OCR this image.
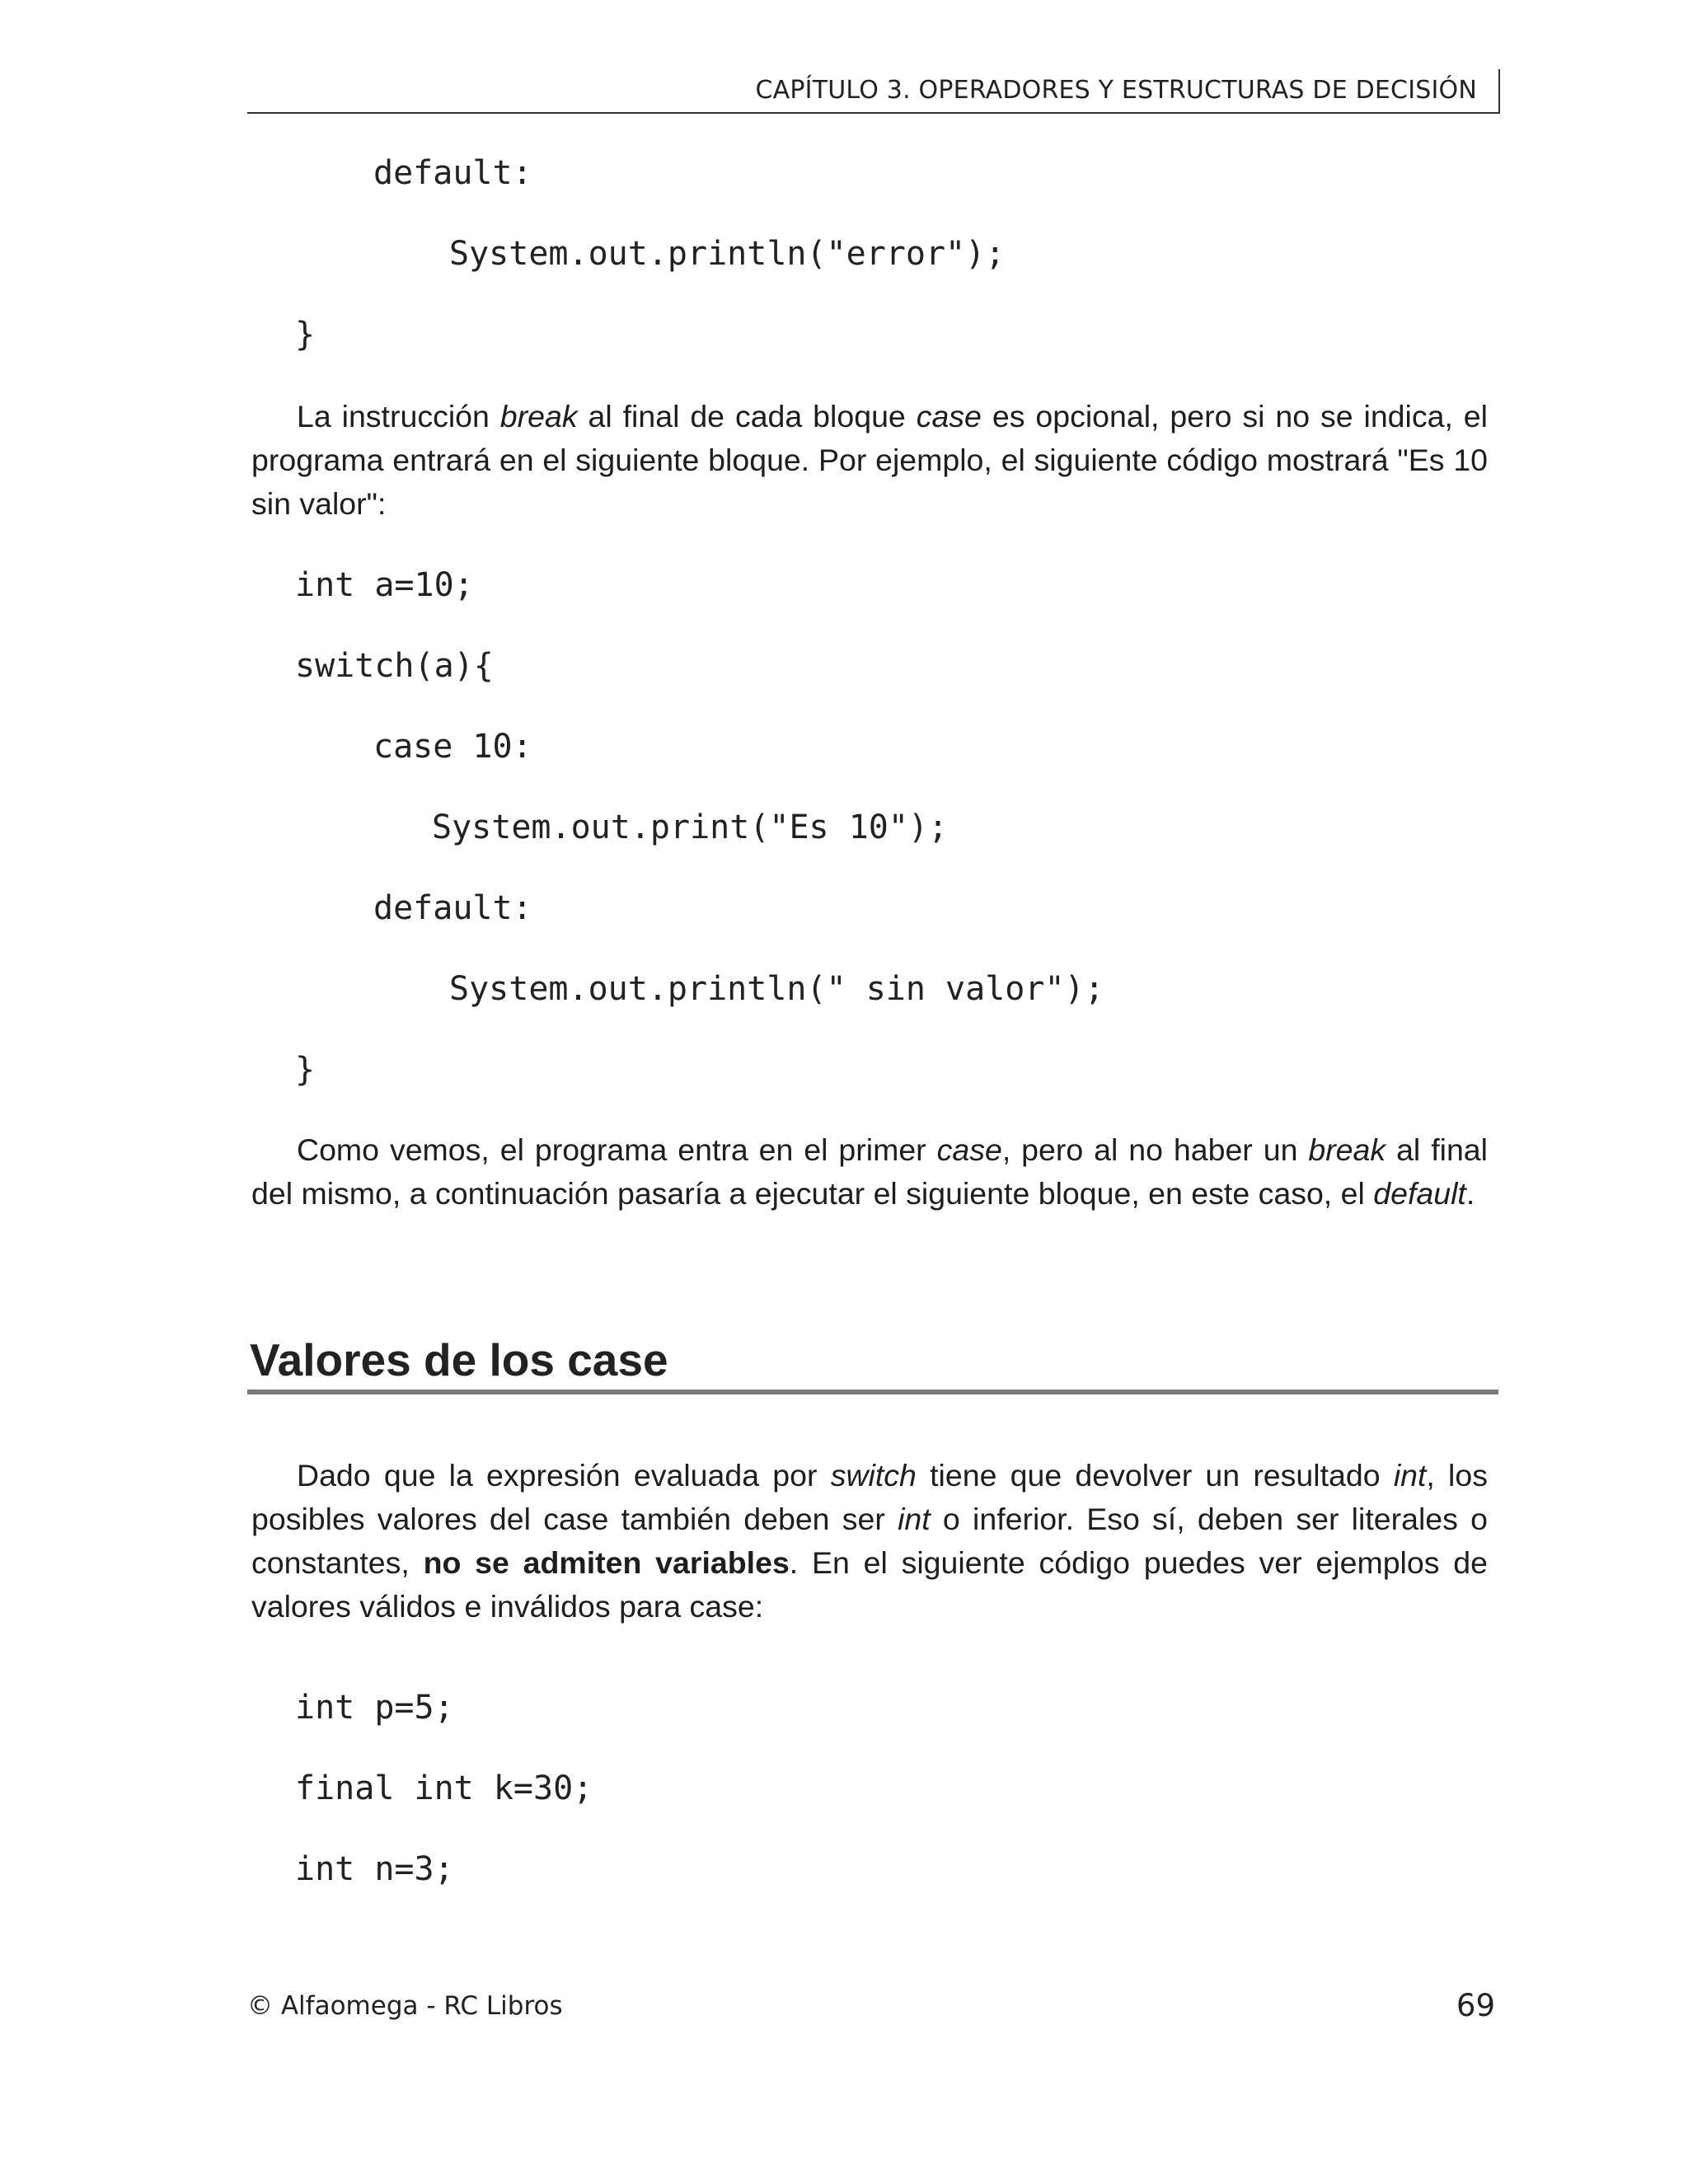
CAPÍTULO 3. OPERADORES Y ESTRUCTURAS DE DECISIÓN
default:
System.out.println("error");
}
La instrucción break al final de cada bloque case es opcional, pero si no se indica, el programa entrará en el siguiente bloque. Por ejemplo, el siguiente código mostrará "Es 10 sin valor":
int a=10;
switch(a){
case 10:
System.out.print("Es 10");
default:
System.out.println(" sin valor");
}
Como vemos, el programa entra en el primer case, pero al no haber un break al final del mismo, a continuación pasaría a ejecutar el siguiente bloque, en este caso, el default.
Valores de los case
Dado que la expresión evaluada por switch tiene que devolver un resultado int, los posibles valores del case también deben ser int o inferior. Eso sí, deben ser literales o constantes, no se admiten variables. En el siguiente código puedes ver ejemplos de valores válidos e inválidos para case:
int p=5;
final int k=30;
int n=3;
© Alfaomega - RC Libros	69
